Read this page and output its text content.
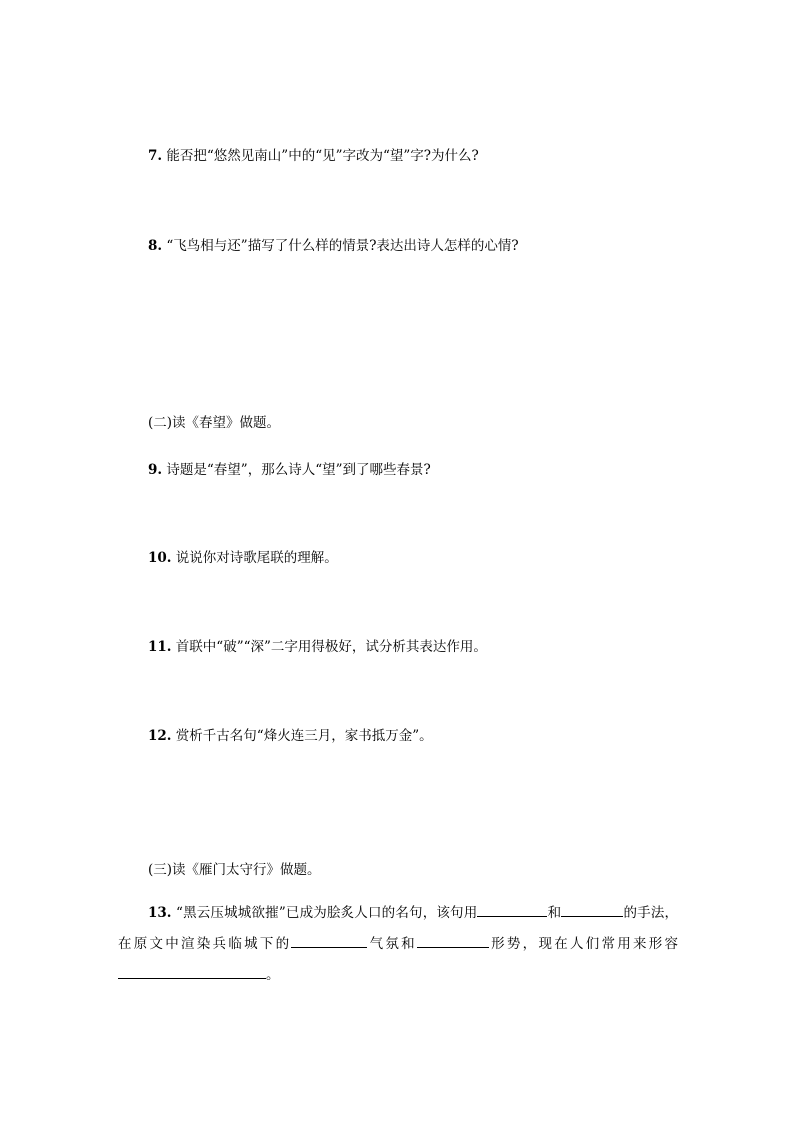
7. 能否把“悠然见南山”中的“见”字改为“望”字?为什么?
8. “飞鸟相与还”描写了什么样的情景?表达出诗人怎样的心情?
(二)读《春望》做题。
9. 诗题是“春望”，那么诗人“望”到了哪些春景?
10. 说说你对诗歌尾联的理解。
11. 首联中“破”“深”二字用得极好，试分析其表达作用。
12. 赏析千古名句“烽火连三月，家书抵万金”。
(三)读《雁门太守行》做题。
13. “黑云压城城欲摧”已成为脍炙人口的名句，该句用	和	的手法，在原文中渲染兵临城下的	气氛和	形势，现在人们常用来形容。
